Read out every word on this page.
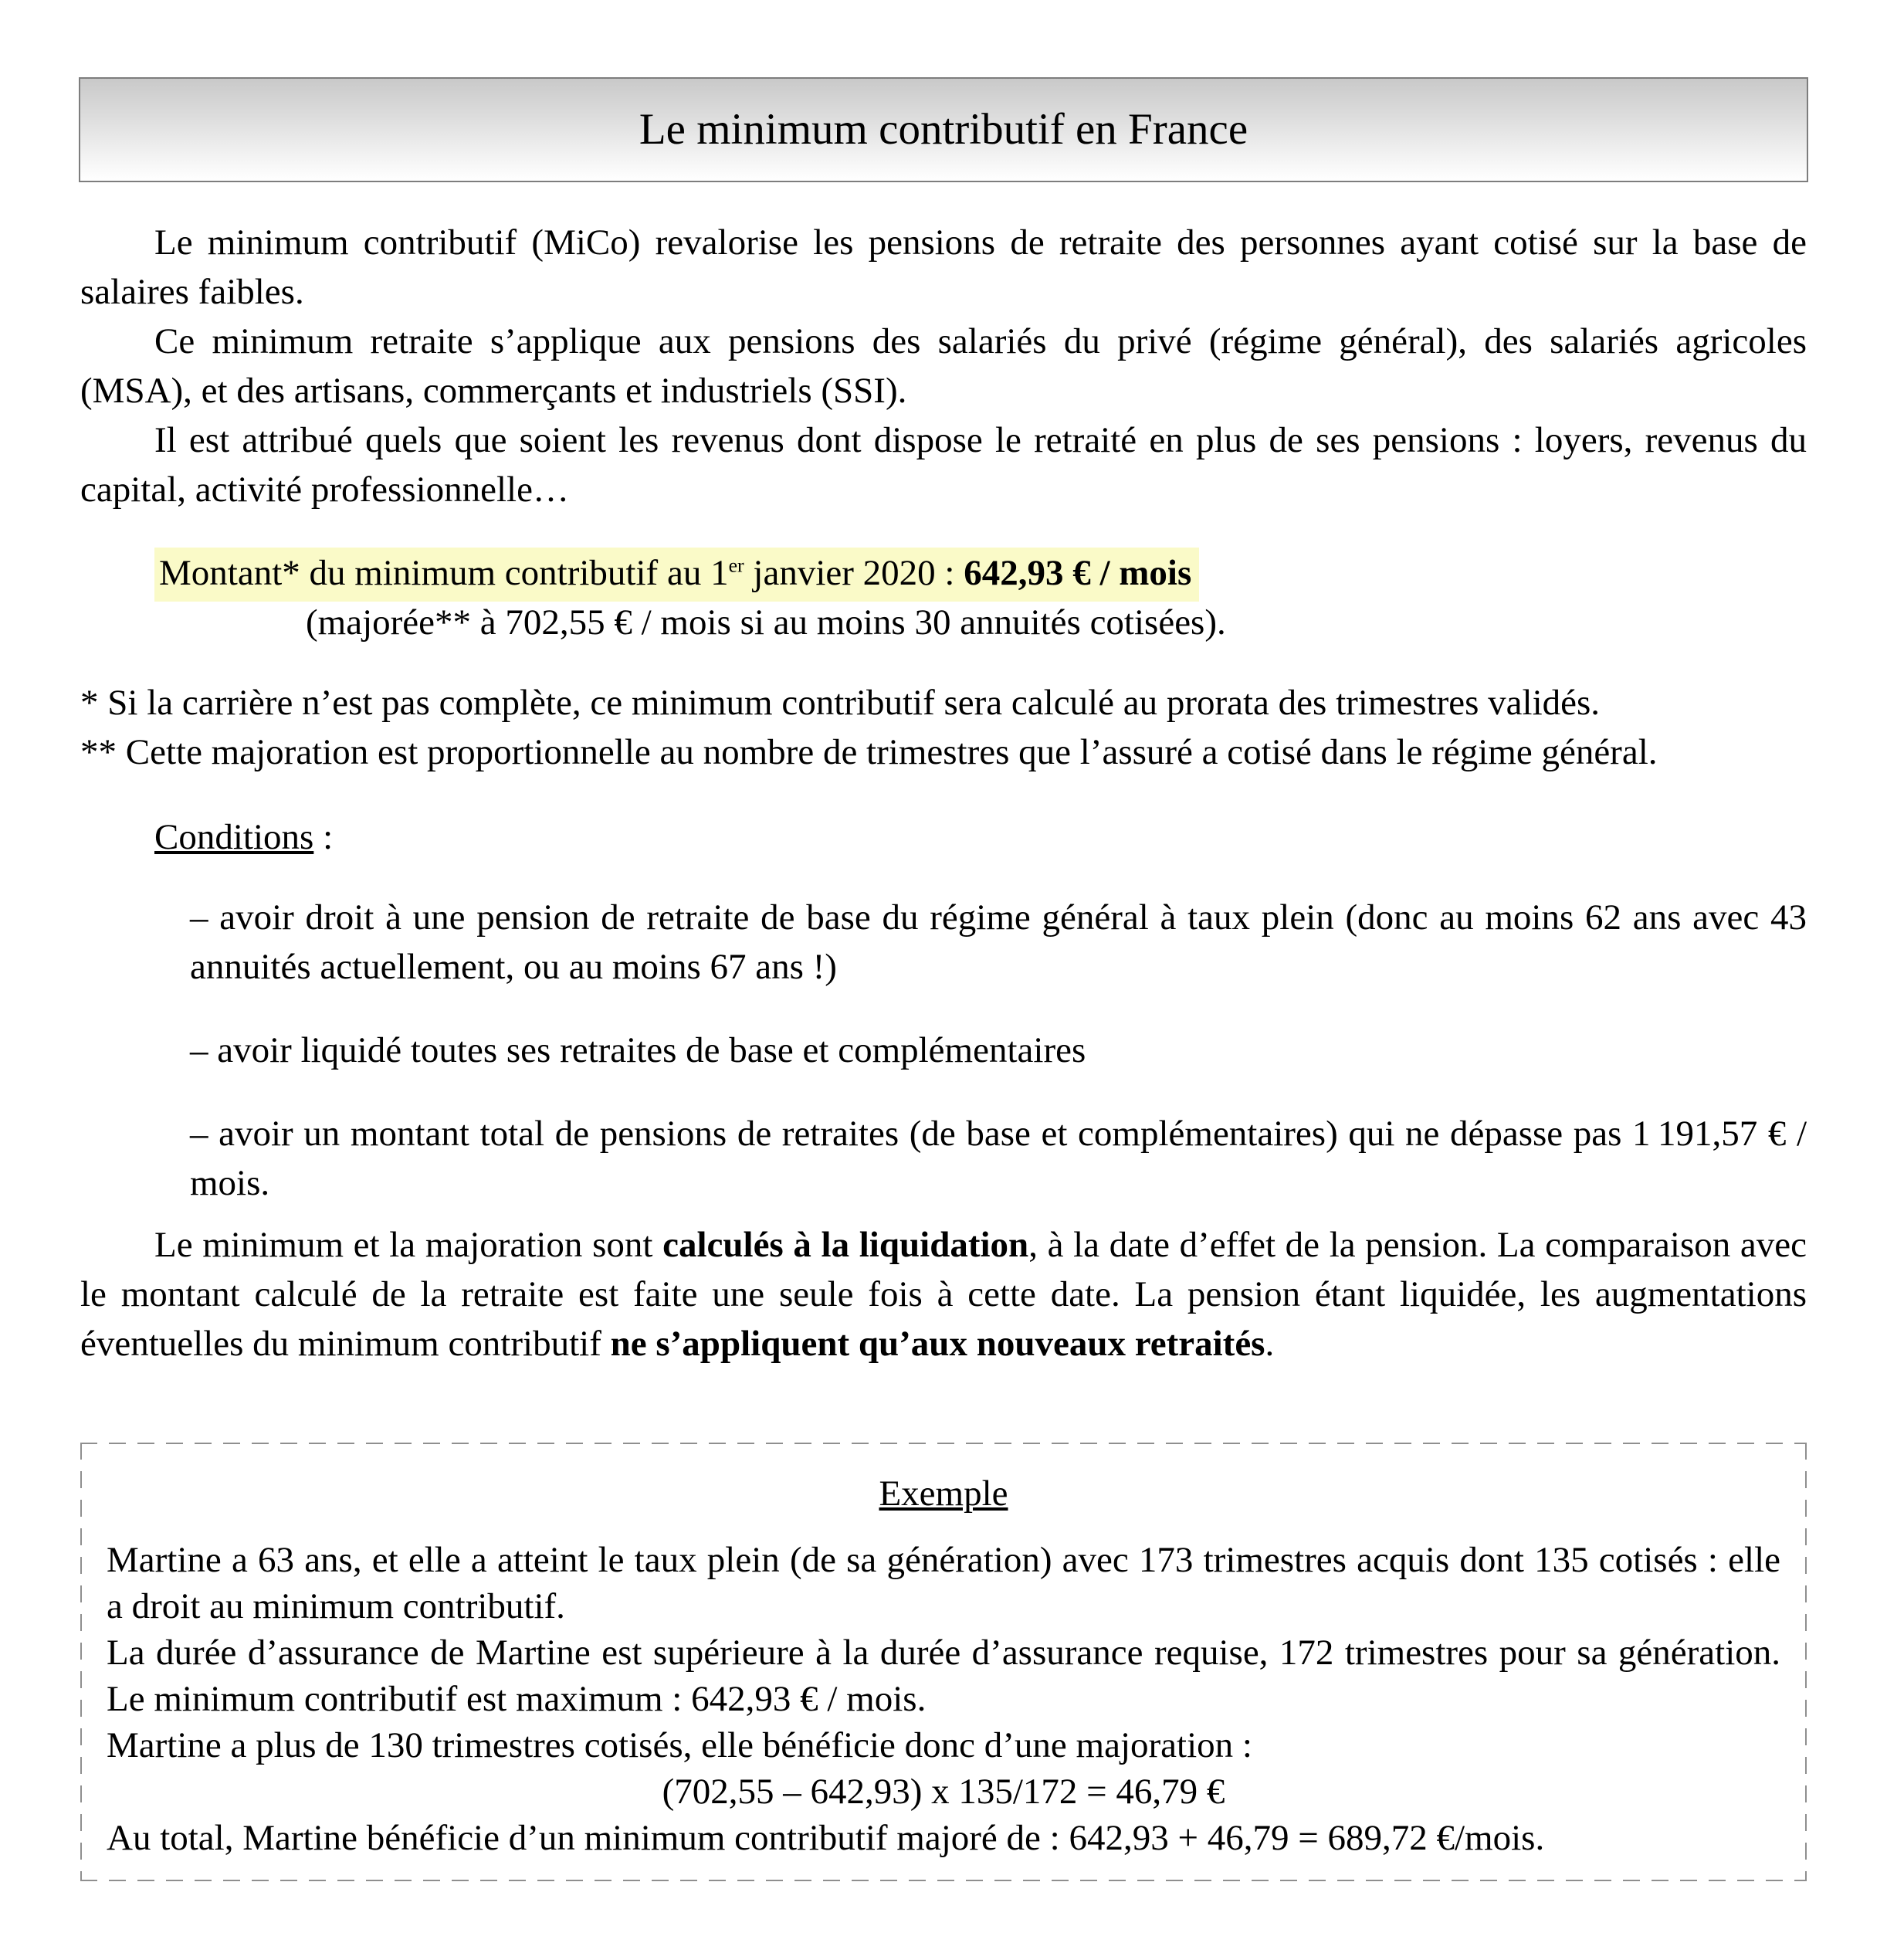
Le minimum contributif en France

Le minimum contributif (MiCo) revalorise les pensions de retraite des personnes ayant cotisé sur la base de salaires faibles.

Ce minimum retraite s’applique aux pensions des salariés du privé (régime général), des salariés agricoles (MSA), et des artisans, commerçants et industriels (SSI).

Il est attribué quels que soient les revenus dont dispose le retraité en plus de ses pensions : loyers, revenus du capital, activité professionnelle…

Montant* du minimum contributif au 1er janvier 2020 : 642,93 € / mois
(majorée** à 702,55 € / mois si au moins 30 annuités cotisées).

* Si la carrière n’est pas complète, ce minimum contributif sera calculé au prorata des trimestres validés.

** Cette majoration est proportionnelle au nombre de trimestres que l’assuré a cotisé dans le régime général.

Conditions :

– avoir droit à une pension de retraite de base du régime général à taux plein (donc au moins 62 ans avec 43 annuités actuellement, ou au moins 67 ans !)

– avoir liquidé toutes ses retraites de base et complémentaires

– avoir un montant total de pensions de retraites (de base et complémentaires) qui ne dépasse pas 1 191,57 € / mois.

Le minimum et la majoration sont calculés à la liquidation, à la date d’effet de la pension. La comparaison avec le montant calculé de la retraite est faite une seule fois à cette date. La pension étant liquidée, les augmentations éventuelles du minimum contributif ne s’appliquent qu’aux nouveaux retraités.

Exemple

Martine a 63 ans, et elle a atteint le taux plein (de sa génération) avec 173 trimestres acquis dont 135 cotisés : elle a droit au minimum contributif.

La durée d’assurance de Martine est supérieure à la durée d’assurance requise, 172 trimestres pour sa génération. Le minimum contributif est maximum : 642,93 € / mois.

Martine a plus de 130 trimestres cotisés, elle bénéficie donc d’une majoration :

(702,55 – 642,93) x 135/172 = 46,79 €

Au total, Martine bénéficie d’un minimum contributif majoré de : 642,93 + 46,79 = 689,72 €/mois.
